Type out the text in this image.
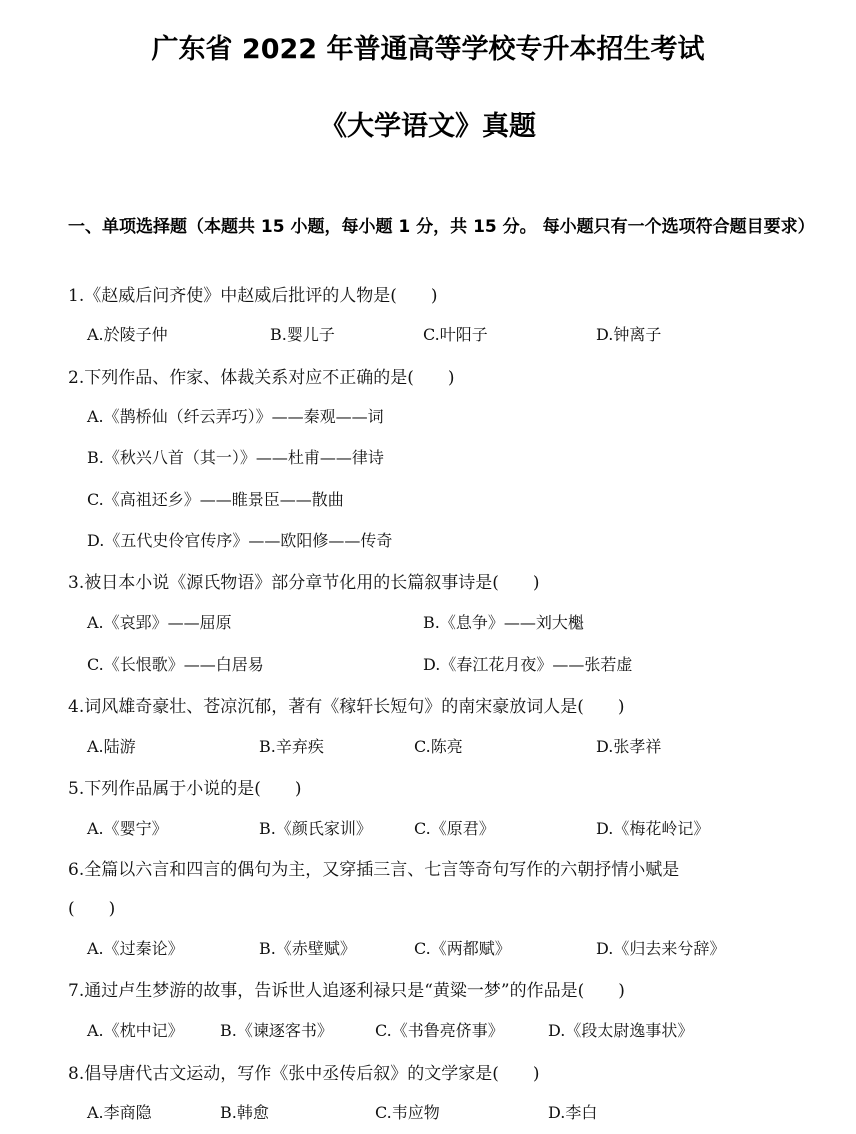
广东省 2022 年普通高等学校专升本招生考试
《大学语文》真题
一、单项选择题（本题共 15 小题，每小题 1 分，共 15 分。 每小题只有一个选项符合题目要求）
1.《赵威后问齐使》中赵威后批评的人物是(　　)
A.於陵子仲	B.婴儿子	C.叶阳子	D.钟离子
2.下列作品、作家、体裁关系对应不正确的是(　　)
A.《鹊桥仙（纤云弄巧）》——秦观——词
B.《秋兴八首（其一）》——杜甫——律诗
C.《高祖还乡》——睢景臣——散曲
D.《五代史伶官传序》——欧阳修——传奇
3.被日本小说《源氏物语》部分章节化用的长篇叙事诗是(　　)
A.《哀郢》——屈原	B.《息争》——刘大櫆
C.《长恨歌》——白居易	D.《春江花月夜》——张若虚
4.词风雄奇豪壮、苍凉沉郁，著有《稼轩长短句》的南宋豪放词人是(　　)
A.陆游	B.辛弃疾	C.陈亮	D.张孝祥
5.下列作品属于小说的是(　　)
A.《婴宁》	B.《颜氏家训》	C.《原君》	D.《梅花岭记》
6.全篇以六言和四言的偶句为主，又穿插三言、七言等奇句写作的六朝抒情小赋是
(　　)
A.《过秦论》	B.《赤壁赋》	C.《两都赋》	D.《归去来兮辞》
7.通过卢生梦游的故事，告诉世人追逐利禄只是“黄粱一梦”的作品是(　　)
A.《枕中记》 B.《谏逐客书》	C.《书鲁亮侪事》	D.《段太尉逸事状》
8.倡导唐代古文运动，写作《张中丞传后叙》的文学家是(　　)
A.李商隐	B.韩愈	C.韦应物	D.李白
